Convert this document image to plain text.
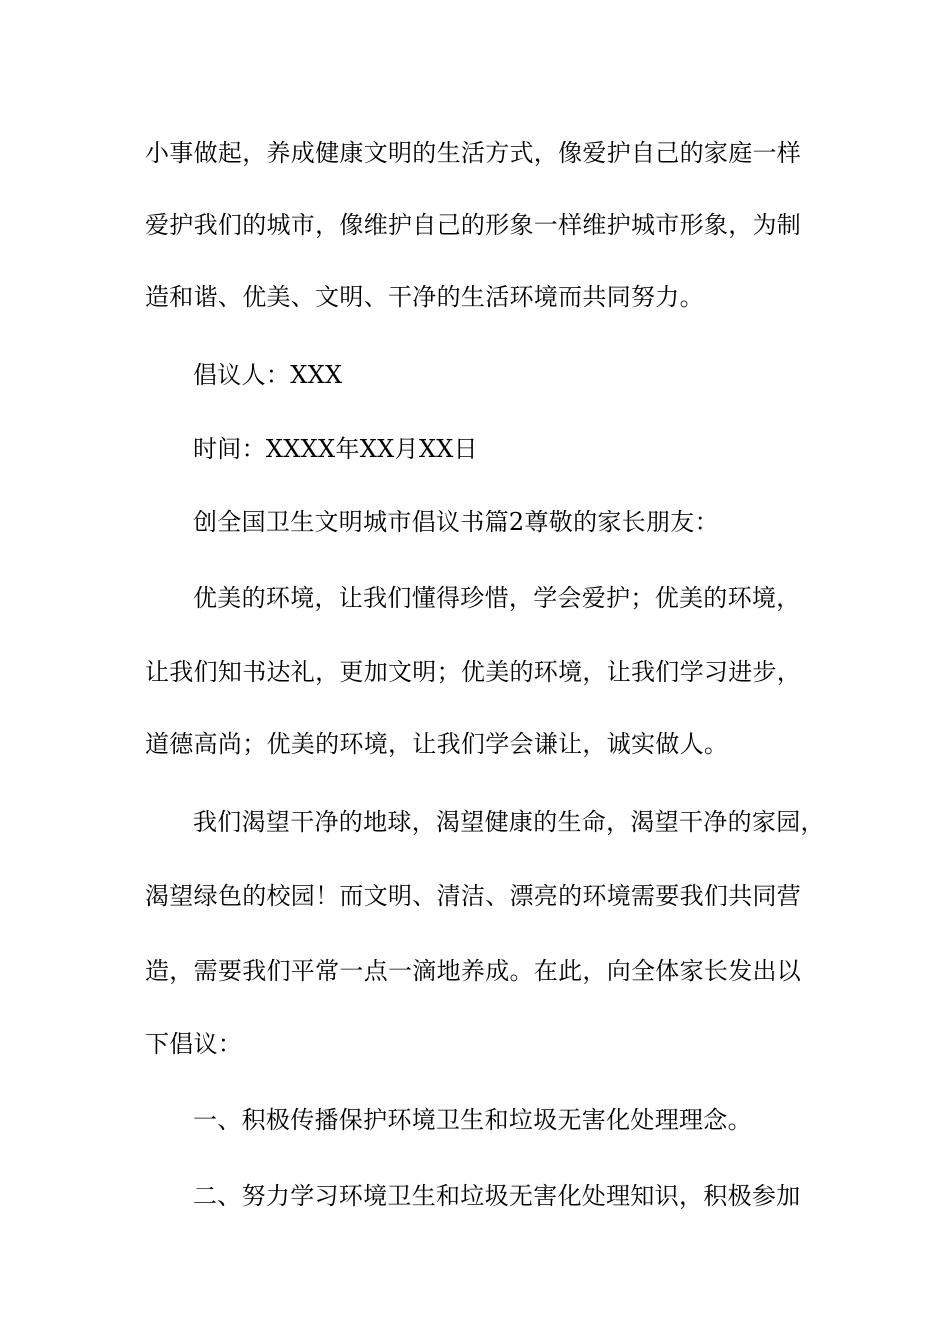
小事做起，养成健康文明的生活方式，像爱护自己的家庭一样

爱护我们的城市，像维护自己的形象一样维护城市形象，为制

造和谐、优美、文明、干净的生活环境而共同努力。

倡议人：XXX

时间：XXXX年XX月XX日

创全国卫生文明城市倡议书篇2尊敬的家长朋友：

优美的环境，让我们懂得珍惜，学会爱护；优美的环境，

让我们知书达礼，更加文明；优美的环境，让我们学习进步，

道德高尚；优美的环境，让我们学会谦让，诚实做人。

我们渴望干净的地球，渴望健康的生命，渴望干净的家园，

渴望绿色的校园！而文明、清洁、漂亮的环境需要我们共同营

造，需要我们平常一点一滴地养成。在此，向全体家长发出以

下倡议：

一、积极传播保护环境卫生和垃圾无害化处理理念。

二、努力学习环境卫生和垃圾无害化处理知识，积极参加
